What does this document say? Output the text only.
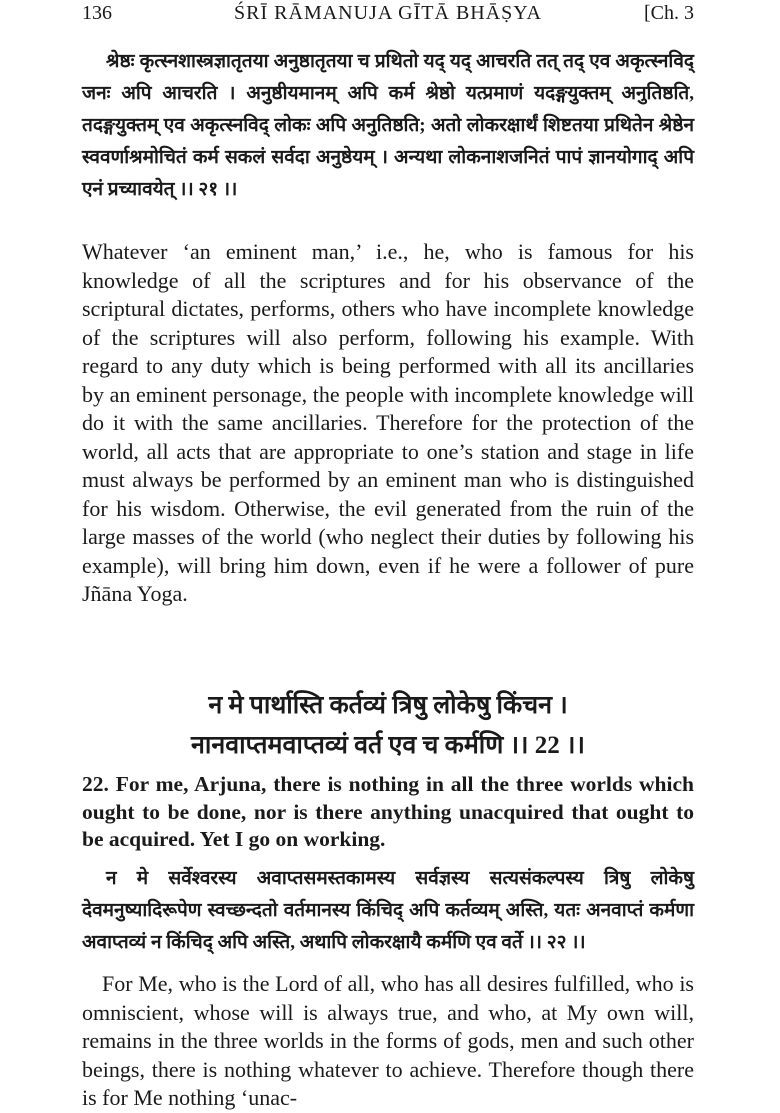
ŚRĪ RĀMANUJA GĪTĀ BHĀṢYA
136	[Ch. 3

श्रेष्ठः कृत्स्नशास्त्रज्ञातृतया अनुष्ठातृतया च प्रथितो यद् यद् आचरति तत् तद् एव अकृत्स्नविद् जनः अपि आचरति । अनुष्ठीयमानम् अपि कर्म श्रेष्ठो यत्प्रमाणं यदङ्गयुक्तम् अनुतिष्ठति, तदङ्गयुक्तम् एव अकृत्स्नविद् लोकः अपि अनुतिष्ठति; अतो लोकरक्षार्थं शिष्टतया प्रथितेन श्रेष्ठेन स्ववर्णाश्रमोचितं कर्म सकलं सर्वदा अनुष्ठेयम् । अन्यथा लोकनाशजनितं पापं ज्ञानयोगाद् अपि एनं प्रच्यावयेत् ।। २१ ।।

Whatever ‘an eminent man,’ i.e., he, who is famous for his knowledge of all the scriptures and for his observance of the scriptural dictates, performs, others who have incomplete knowledge of the scriptures will also perform, following his example. With regard to any duty which is being performed with all its ancillaries by an eminent personage, the people with incomplete knowledge will do it with the same ancillaries. Therefore for the protection of the world, all acts that are appropriate to one’s station and stage in life must always be performed by an eminent man who is distinguished for his wisdom. Otherwise, the evil generated from the ruin of the large masses of the world (who neglect their duties by following his example), will bring him down, even if he were a follower of pure Jñāna Yoga.

न मे पार्थास्ति कर्तव्यं त्रिषु लोकेषु किंचन ।
नानवाप्तमवाप्तव्यं वर्त एव च कर्मणि ।। 22 ।।

22. For me, Arjuna, there is nothing in all the three worlds which ought to be done, nor is there anything unacquired that ought to be acquired. Yet I go on working.

न मे सर्वेश्वरस्य अवाप्तसमस्तकामस्य सर्वज्ञस्य सत्यसंकल्पस्य त्रिषु लोकेषु देवमनुष्यादिरूपेण स्वच्छन्दतो वर्तमानस्य किंचिद् अपि कर्तव्यम् अस्ति, यतः अनवाप्तं कर्मणा अवाप्तव्यं न किंचिद् अपि अस्ति, अथापि लोकरक्षायै कर्मणि एव वर्ते ।। २२ ।।

For Me, who is the Lord of all, who has all desires fulfilled, who is omniscient, whose will is always true, and who, at My own will, remains in the three worlds in the forms of gods, men and such other beings, there is nothing whatever to achieve. Therefore though there is for Me nothing ‘unac-
